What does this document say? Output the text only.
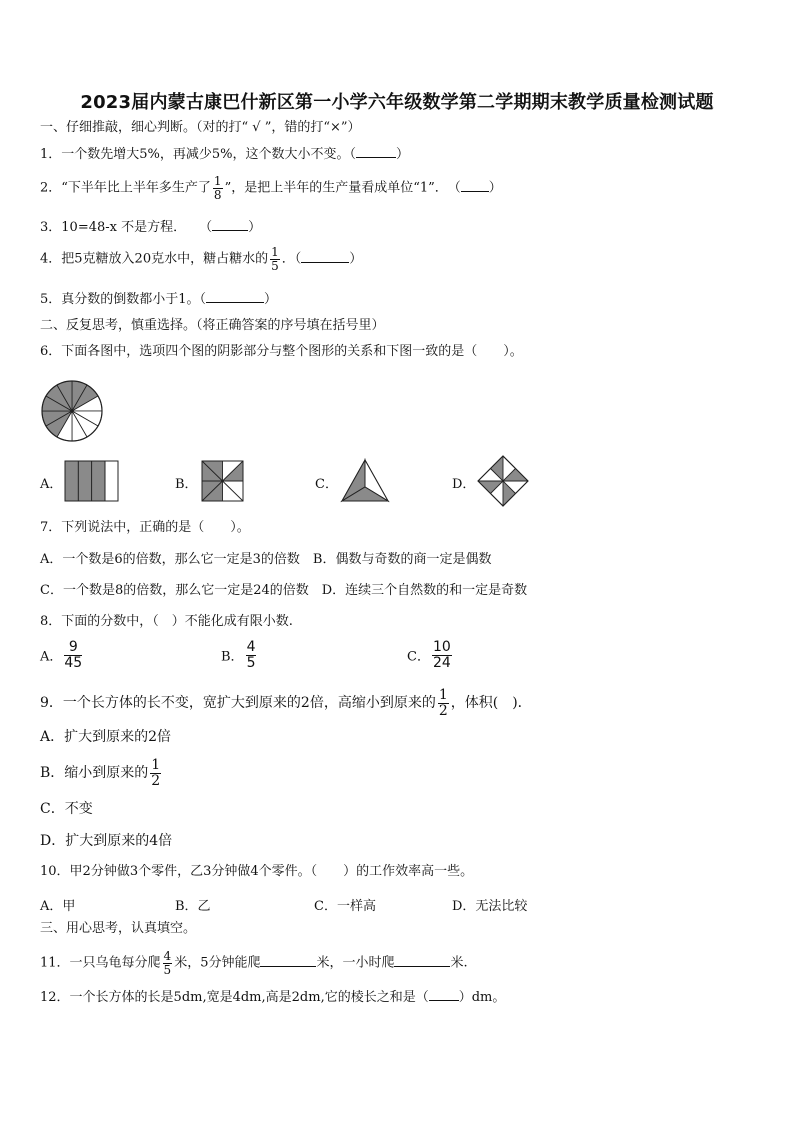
2023届内蒙古康巴什新区第一小学六年级数学第二学期期末教学质量检测试题
一、仔细推敲，细心判断。（对的打“ √ ”，错的打“×”）
1．一个数先增大5%，再减少5%，这个数大小不变。（	）
2．“下半年比上半年多生产了 $\frac{1}{8}$ ”，是把上半年的生产量看成单位“1”．　（ ）
3．10=48-x 不是方程．　　（	）
4．把5克糖放入20克水中，糖占糖水的 $\frac{1}{5}$ ．（	）
5．真分数的倒数都小于1。（	）
二、反复思考，慎重选择。（将正确答案的序号填在括号里）
6．下面各图中，选项四个图的阴影部分与整个图形的关系和下图一致的是（　　）。
A．	B．	C．	D．
7．下列说法中，正确的是（　　）。
A．一个数是6的倍数，那么它一定是3的倍数　B．偶数与奇数的商一定是偶数
C．一个数是8的倍数，那么它一定是24的倍数　D．连续三个自然数的和一定是奇数
8．下面的分数中，（　）不能化成有限小数.
A． $\frac{9}{45}$	B． $\frac{4}{5}$	C． $\frac{10}{24}$
9．一个长方体的长不变，宽扩大到原来的2倍，高缩小到原来的 $\frac{1}{2}$ ，体积(　)．
A．扩大到原来的2倍
B．缩小到原来的 $\frac{1}{2}$
C．不变
D．扩大到原来的4倍
10．甲2分钟做3个零件，乙3分钟做4个零件。（　　）的工作效率高一些。
A．甲	B．乙	C．一样高	D．无法比较
三、用心思考，认真填空。
11．一只乌龟每分爬 $\frac{4}{5}$ 米，5分钟能爬	米，一小时爬	米.
12．一个长方体的长是5dm,宽是4dm,高是2dm,它的棱长之和是（ ）dm。
